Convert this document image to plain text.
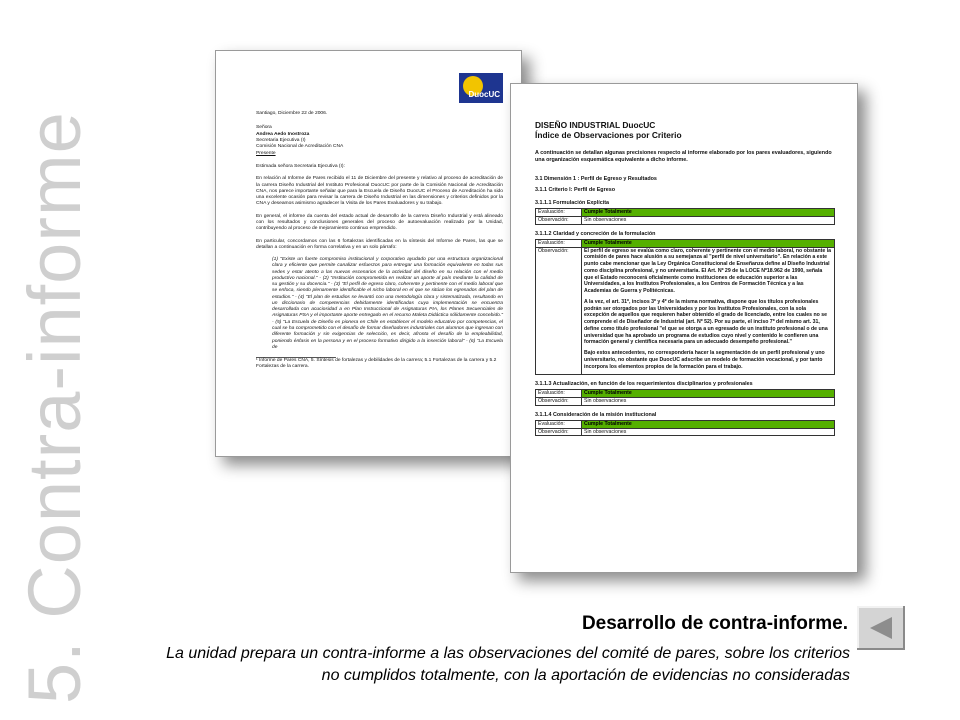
5. Contra-informe
DuocUC
Santiago, Diciembre 22 de 2006.
Señora
Andrea Aedo Inostroza
Secretaria Ejecutiva (I)
Comisión Nacional de Acreditación CNA
Presente
Estimada señora Secretaria Ejecutiva (I):
En relación al Informe de Pares recibido el 11 de Diciembre del presente y relativo al proceso de acreditación de la carrera Diseño Industrial del Instituto Profesional DuocUC por parte de la Comisión Nacional de Acreditación CNA, nos parece importante señalar que para la Escuela de Diseño DuocUC el Proceso de Acreditación ha sido una excelente ocasión para revisar la carrera de Diseño Industrial en las dimensiones y criterios definidos por la CNA y deseamos asimismo agradecer la Visita de los Pares Evaluadores y su trabajo.
En general, el informe da cuenta del estado actual de desarrollo de la carrera Diseño Industrial y está alineado con los resultados y conclusiones generales del proceso de autoevaluación realizado por la Unidad, contribuyendo al proceso de mejoramiento continuo emprendido.
En particular, concordamos con las 6 fortalezas identificadas en la síntesis del Informe de Pares, las que se detallan a continuación en forma correlativa y en un solo párrafo:
(1) "Existe un fuerte compromiso institucional y corporativo ayudado por una estructura organizacional clara y eficiente que permite canalizar esfuerzos para entregar una formación equivalente en todas sus sedes y estar atento a las nuevas escenarios de la actividad del diseño en su relación con el medio productivo nacional." - (2) "Institución comprometida en realizar un aporte al país mediante la calidad de su gestión y su docencia." - (3) "El perfil de egreso claro, coherente y pertinente con el medio laboral que se enfoca, siendo plenamente identificable el nicho laboral en el que se sitúan los egresados del plan de estudios." - (4) "El plan de estudios se levantó con una metodología clara y sistematizada, resultando en un diccionario de competencias debidamente identificadas cuya implementación se encuentra desarrollada con acuciosidad a en Plan Instruccional de Asignaturas PIA, los Planes Secuenciales de Asignaturas PSA y el importante aporte entregado en el recurso Maleta Didáctica sólidamente concebido." - (5) "La Escuela de Diseño es pionera en Chile en establecer el modelo educativo por competencias, el cual se ha comprometido con el desafío de formar diseñadores industriales con alumnos que ingresan con diferente formación y sin exigencias de selección, es decir, afronta el desafío de la empleabilidad, poniendo énfasis en la persona y en el proceso formativo dirigido a la inserción laboral" - (6) "La Escuela de
¹ Informe de Pares CNA, 5. Síntesis de fortalezas y debilidades de la carrera; 5.1 Fortalezas de la carrera y 5.2 Fortalezas de la carrera.
DISEÑO INDUSTRIAL DuocUC
Índice de Observaciones por Criterio
A continuación se detallan algunas precisiones respecto al informe elaborado por los pares evaluadores, siguiendo una organización esquemática equivalente a dicho informe.
3.1 Dimensión 1 : Perfil de Egreso y Resultados
3.1.1 Criterio I: Perfil de Egreso
3.1.1.1 Formulación Explícita
Evaluación:	Cumple Totalmente
Observación:	Sin observaciones
3.1.1.2 Claridad y concreción de la formulación
Evaluación:	Cumple Totalmente
Observación:	El perfil de egreso se evalúa como claro, coherente y pertinente con el medio laboral, no obstante la comisión de pares hace alusión a su semejanza al "perfil de nivel universitario". En relación a este punto cabe mencionar que la Ley Orgánica Constitucional de Enseñanza define al Diseño Industrial como disciplina profesional, y no universitaria. El Art. Nº 29 de la LOCE Nº18.962 de 1990, señala que el Estado reconocerá oficialmente como instituciones de educación superior a las Universidades, a los Institutos Profesionales, a los Centros de Formación Técnica y a las Academias de Guerra y Politécnicas.

A la vez, el art. 31º, incisos 3º y 4º de la misma normativa, dispone que los títulos profesionales podrán ser otorgados por las Universidades y por los Institutos Profesionales, con la sola excepción de aquellos que requieren haber obtenido el grado de licenciado, entre los cuales no se comprende el de Diseñador de Industrial (art. Nº 52). Por su parte, el inciso 7º del mismo art. 31, define como título profesional "el que se otorga a un egresado de un instituto profesional o de una universidad que ha aprobado un programa de estudios cuyo nivel y contenido le confieren una formación general y científica necesaria para un adecuado desempeño profesional."

Bajo estos antecedentes, no correspondería hacer la segmentación de un perfil profesional y uno universitario, no obstante que DuocUC adscribe un modelo de formación vocacional, y por tanto incorpora los elementos propios de la formación para el trabajo.

3.1.1.3 Actualización, en función de los requerimientos disciplinarios y profesionales
Evaluación:	Cumple Totalmente
Observación:	Sin observaciones
3.1.1.4 Consideración de la misión institucional
Evaluación:	Cumple Totalmente
Observación:	Sin observaciones
Desarrollo de contra-informe.
La unidad prepara un contra-informe a las observaciones del comité de pares, sobre los criterios no cumplidos totalmente, con la aportación de evidencias no consideradas
